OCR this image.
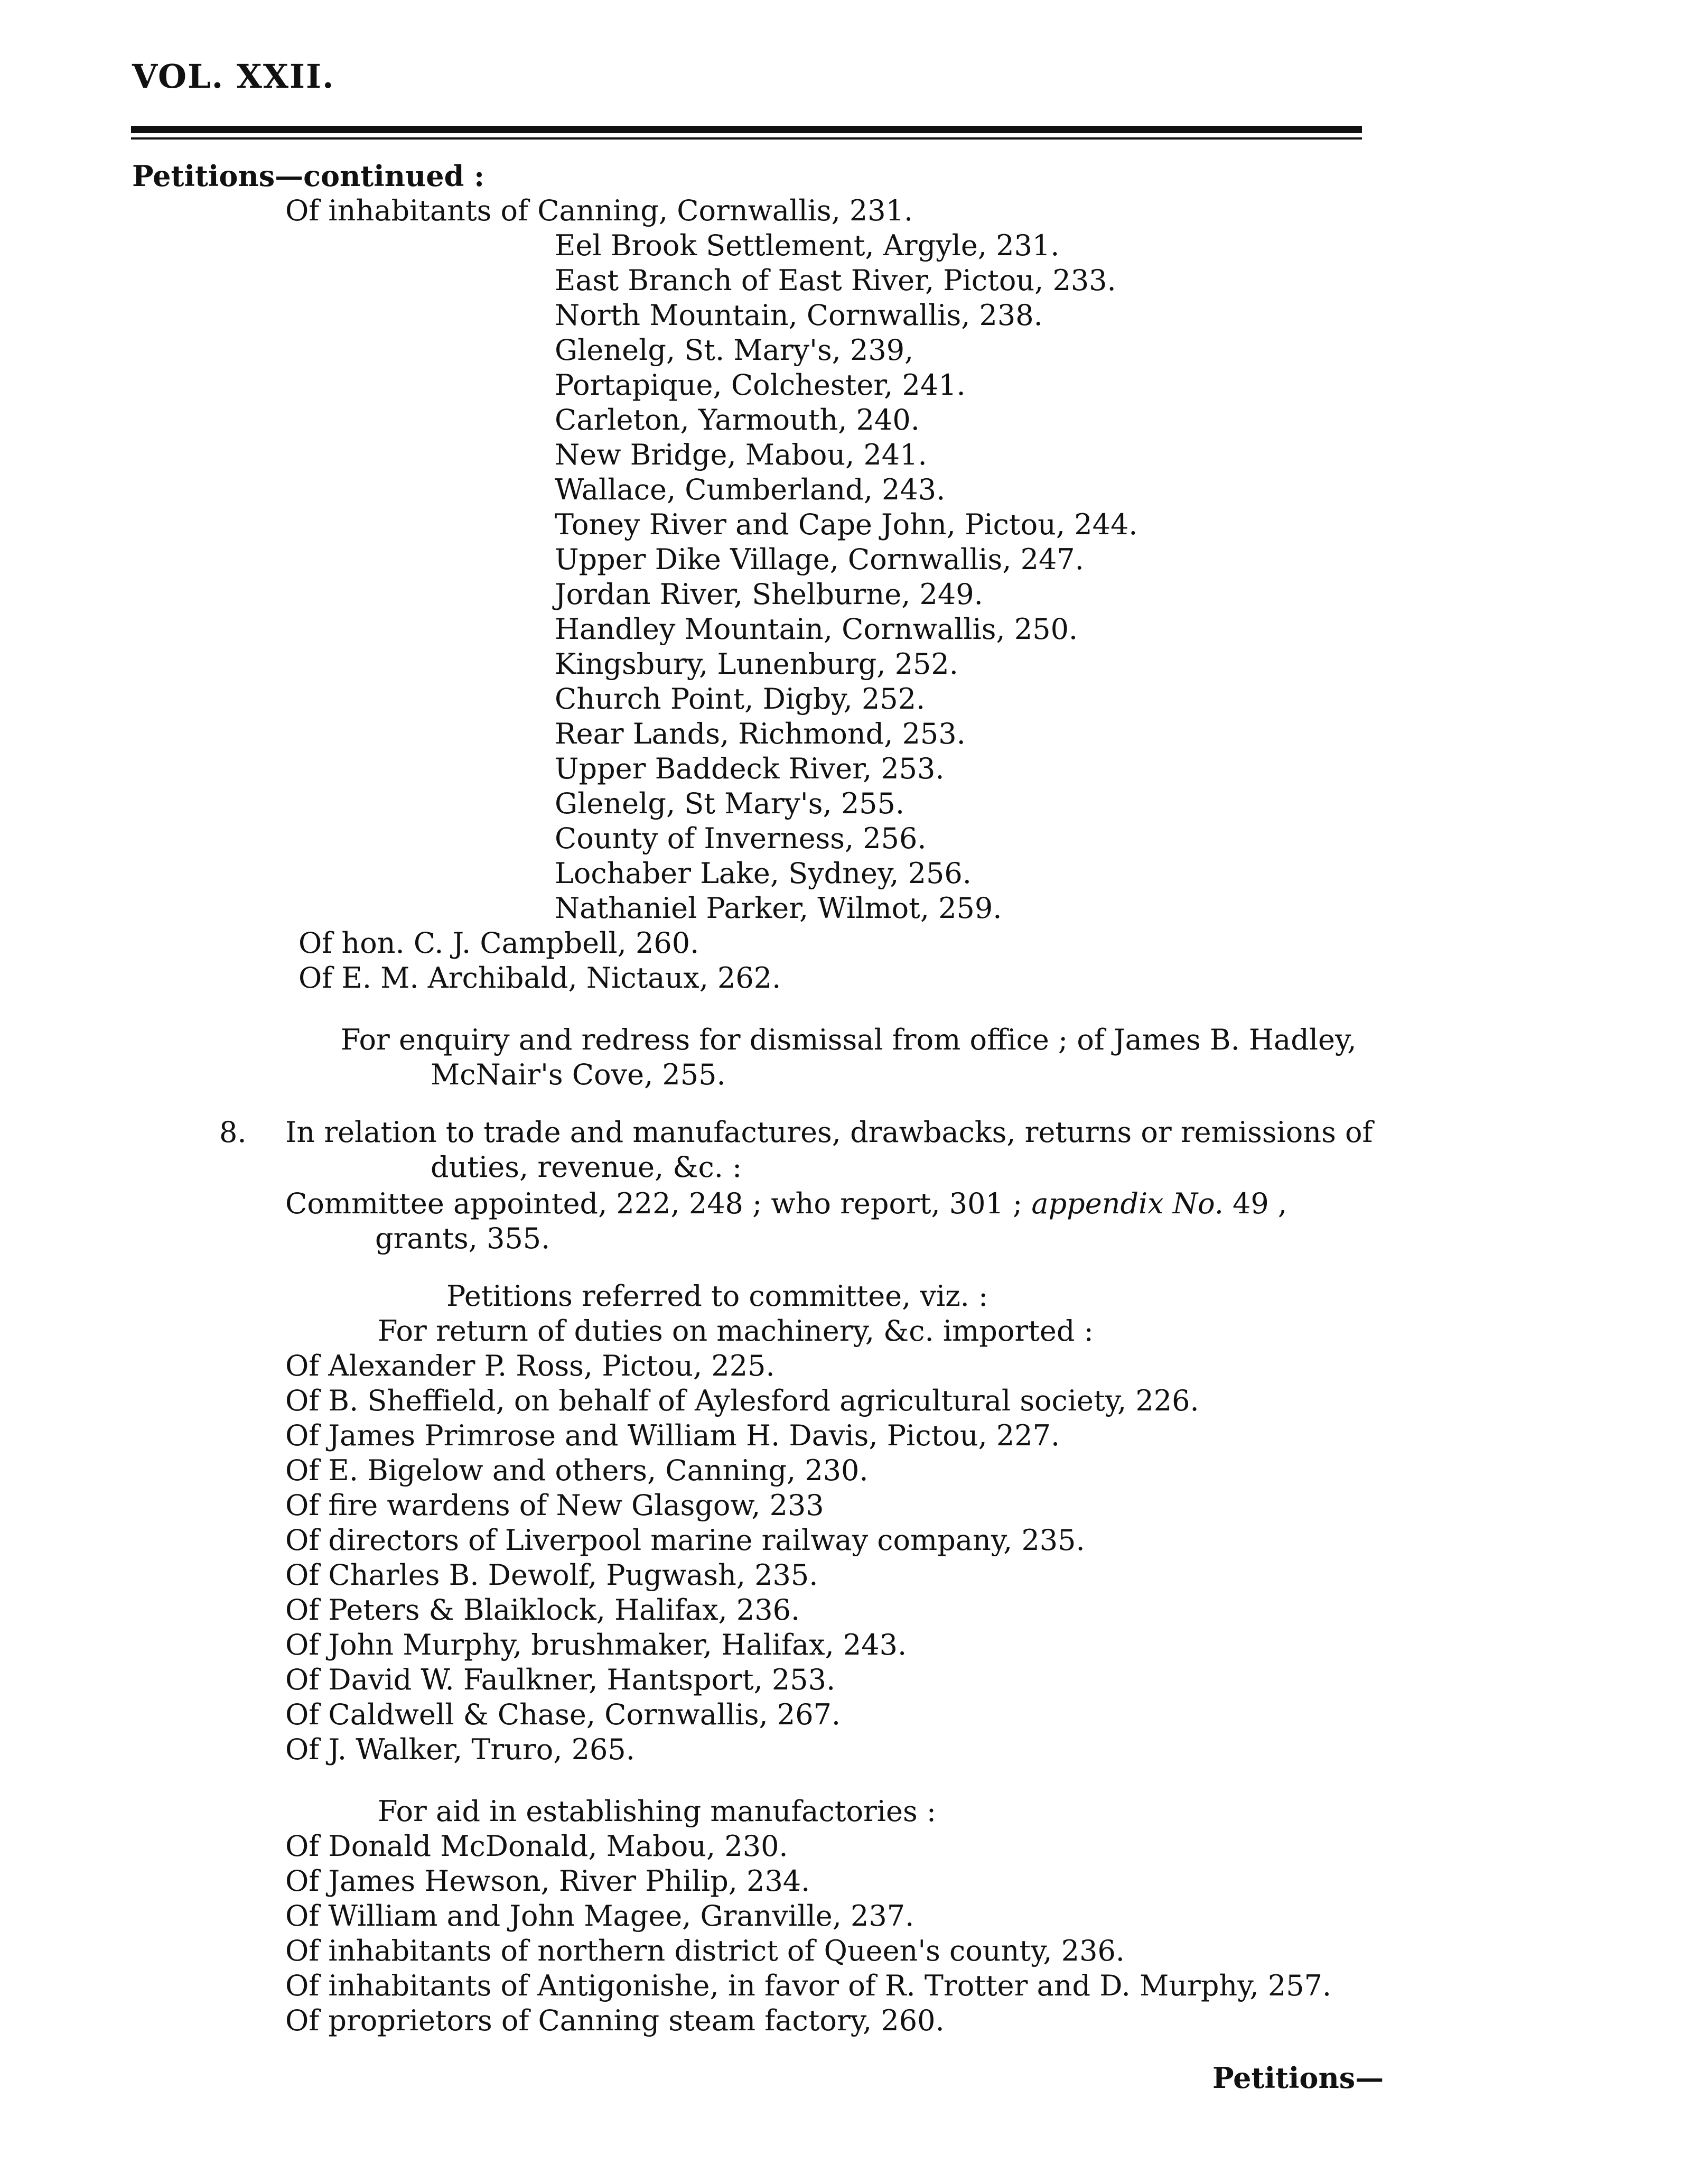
VOL. XXII.
Petitions—continued :
Of inhabitants of Canning, Cornwallis, 231.
Eel Brook Settlement, Argyle, 231.
East Branch of East River, Pictou, 233.
North Mountain, Cornwallis, 238.
Glenelg, St. Mary's, 239,
Portapique, Colchester, 241.
Carleton, Yarmouth, 240.
New Bridge, Mabou, 241.
Wallace, Cumberland, 243.
Toney River and Cape John, Pictou, 244.
Upper Dike Village, Cornwallis, 247.
Jordan River, Shelburne, 249.
Handley Mountain, Cornwallis, 250.
Kingsbury, Lunenburg, 252.
Church Point, Digby, 252.
Rear Lands, Richmond, 253.
Upper Baddeck River, 253.
Glenelg, St Mary's, 255.
County of Inverness, 256.
Lochaber Lake, Sydney, 256.
Nathaniel Parker, Wilmot, 259.
Of hon. C. J. Campbell, 260.
Of E. M. Archibald, Nictaux, 262.
For enquiry and redress for dismissal from office ; of James B. Hadley,
McNair's Cove, 255.
8. In relation to trade and manufactures, drawbacks, returns or remissions of
duties, revenue, &c. :
Committee appointed, 222, 248 ; who report, 301 ; appendix No. 49 ,
grants, 355.
Petitions referred to committee, viz. :
For return of duties on machinery, &c. imported :
Of Alexander P. Ross, Pictou, 225.
Of B. Sheffield, on behalf of Aylesford agricultural society, 226.
Of James Primrose and William H. Davis, Pictou, 227.
Of E. Bigelow and others, Canning, 230.
Of fire wardens of New Glasgow, 233
Of directors of Liverpool marine railway company, 235.
Of Charles B. Dewolf, Pugwash, 235.
Of Peters & Blaiklock, Halifax, 236.
Of John Murphy, brushmaker, Halifax, 243.
Of David W. Faulkner, Hantsport, 253.
Of Caldwell & Chase, Cornwallis, 267.
Of J. Walker, Truro, 265.
For aid in establishing manufactories :
Of Donald McDonald, Mabou, 230.
Of James Hewson, River Philip, 234.
Of William and John Magee, Granville, 237.
Of inhabitants of northern district of Queen's county, 236.
Of inhabitants of Antigonishe, in favor of R. Trotter and D. Murphy, 257.
Of proprietors of Canning steam factory, 260.
Petitions—
